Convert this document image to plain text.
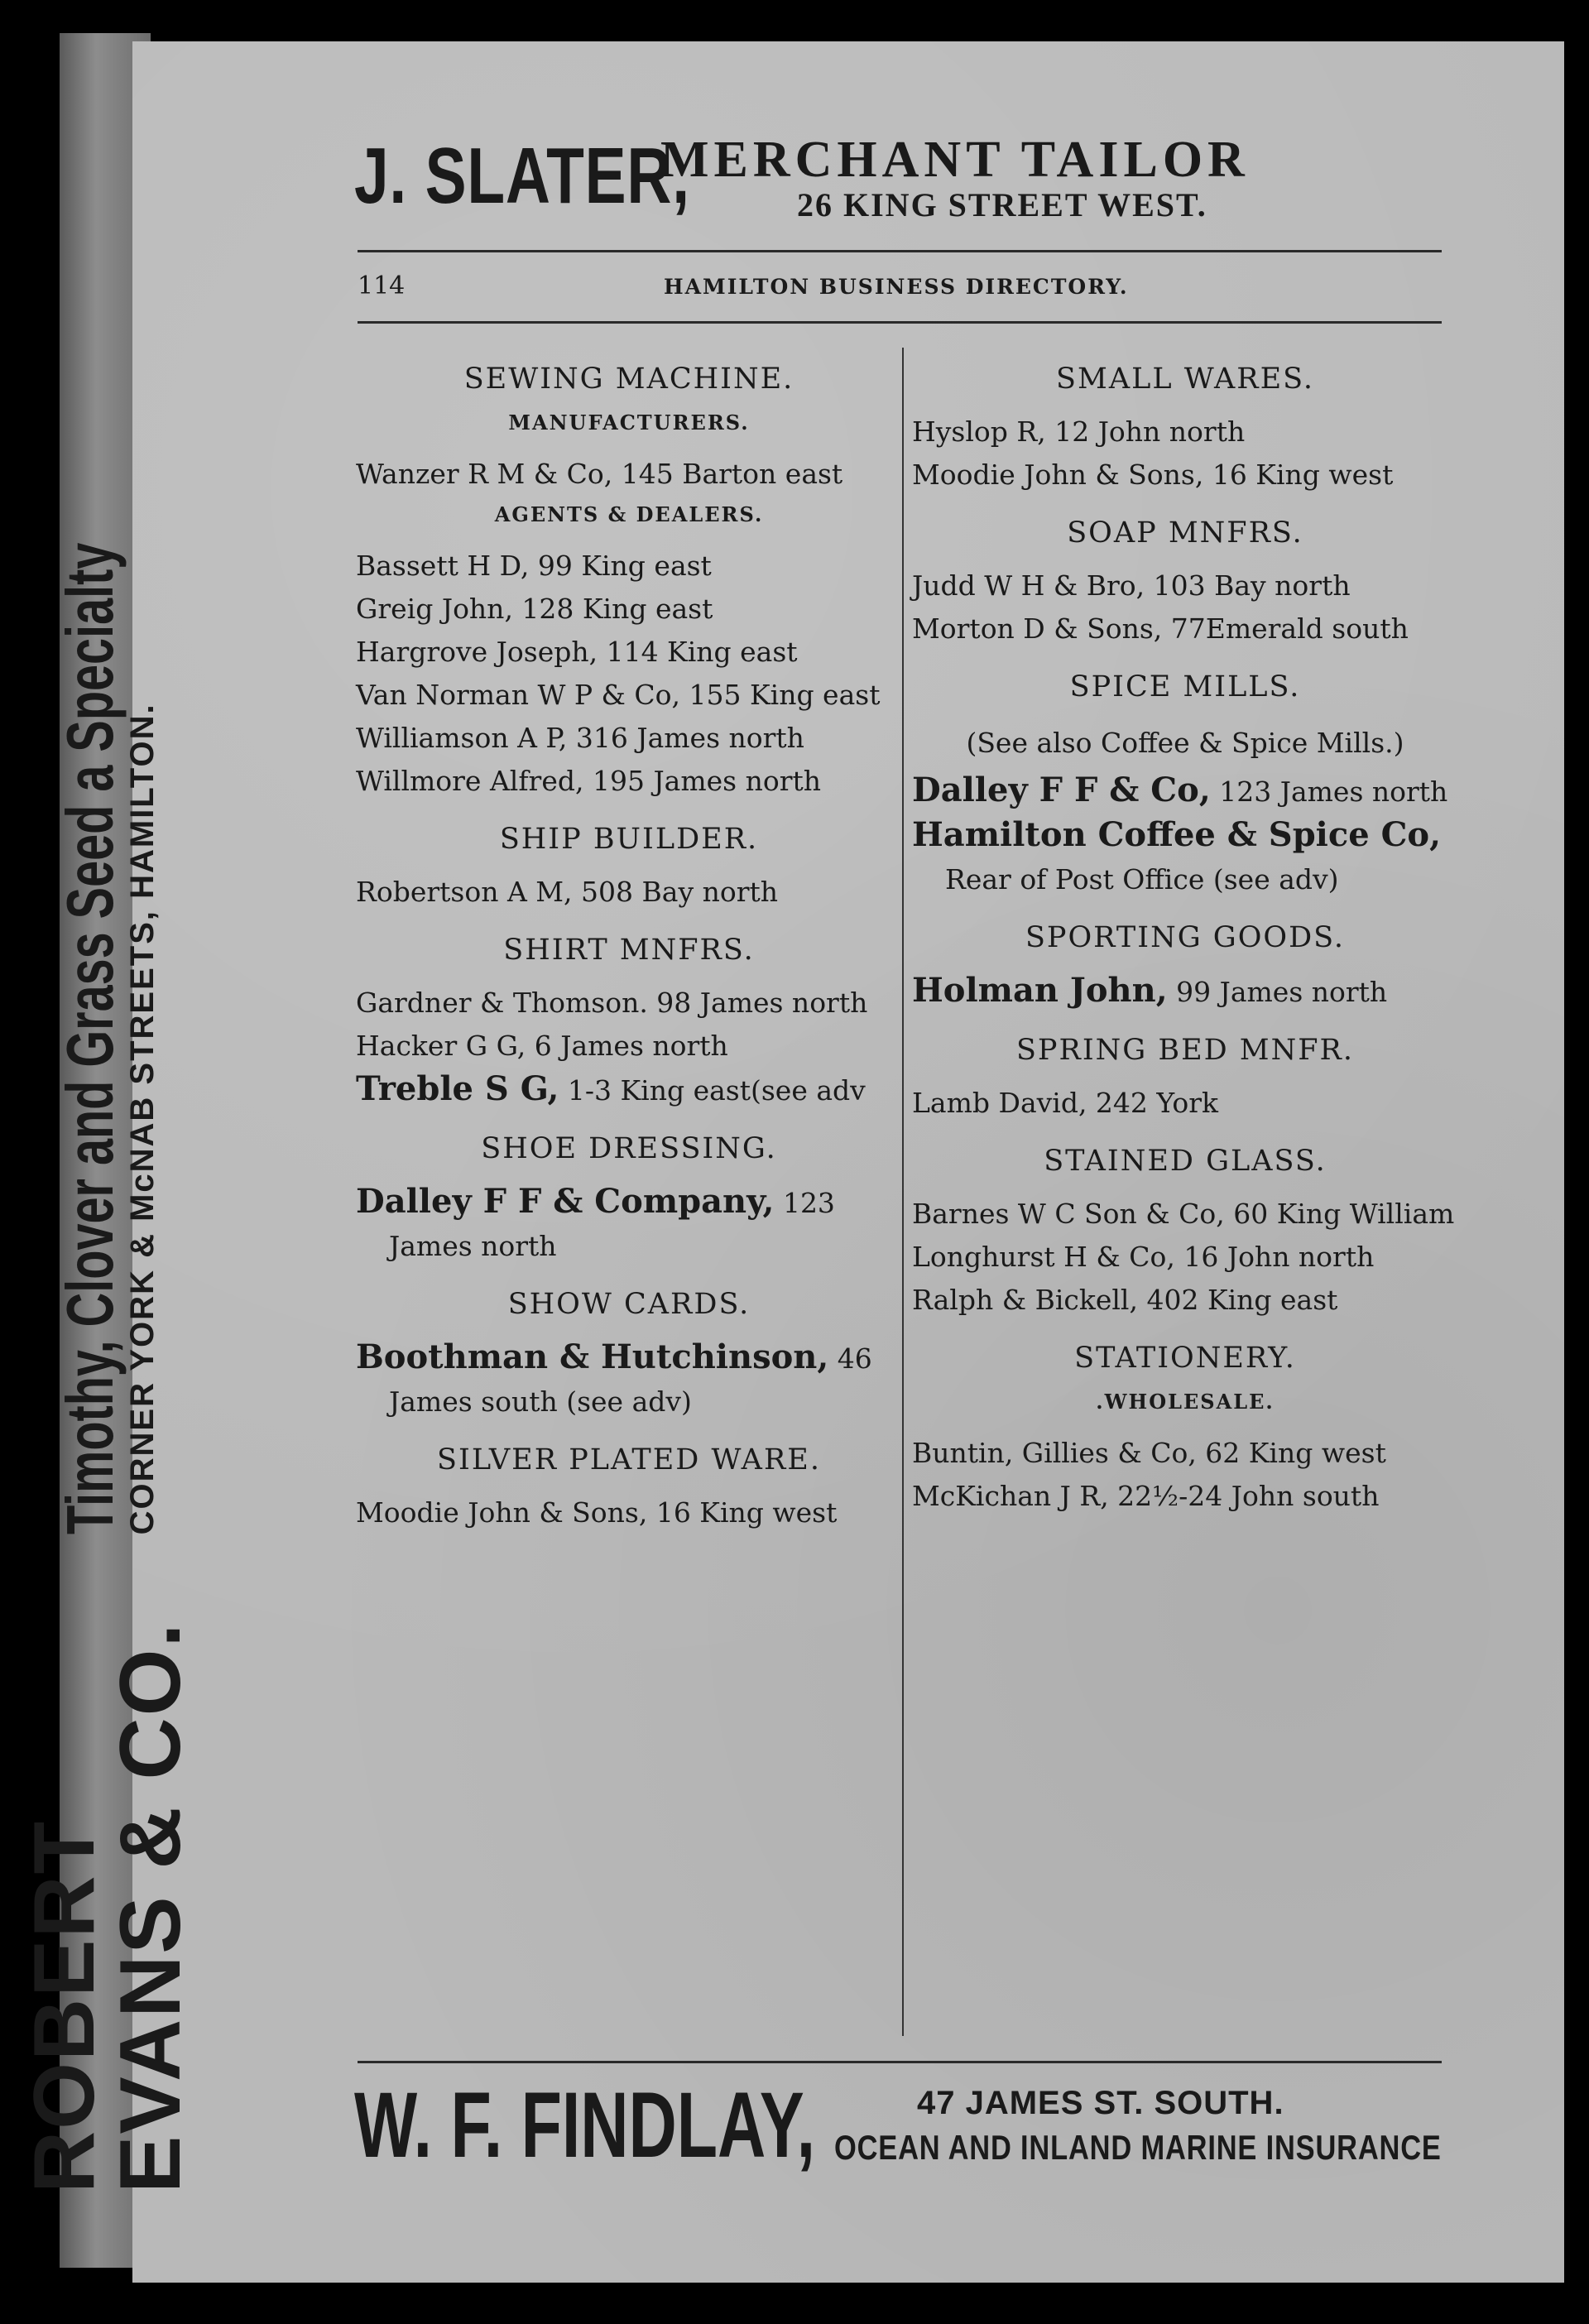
ROBERT EVANS & CO.
Timothy, Clover and Grass Seed a Specialty
CORNER YORK & McNAB STREETS, HAMILTON.
J. SLATER,
MERCHANT TAILOR
26 KING STREET WEST.
114	HAMILTON BUSINESS DIRECTORY.
SEWING MACHINE.
MANUFACTURERS.
Wanzer R M & Co, 145 Barton east
AGENTS & DEALERS.
Bassett H D, 99 King east
Greig John, 128 King east
Hargrove Joseph, 114 King east
Van Norman W P & Co, 155 King east
Williamson A P, 316 James north
Willmore Alfred, 195 James north
SHIP BUILDER.
Robertson A M, 508 Bay north
SHIRT MNFRS.
Gardner & Thomson. 98 James north
Hacker G G, 6 James north
Treble S G, 1-3 King east(see adv
SHOE DRESSING.
Dalley F F & Company, 123 James north
SHOW CARDS.
Boothman & Hutchinson, 46 James south (see adv)
SILVER PLATED WARE.
Moodie John & Sons, 16 King west
SMALL WARES.
Hyslop R, 12 John north
Moodie John & Sons, 16 King west
SOAP MNFRS.
Judd W H & Bro, 103 Bay north
Morton D & Sons, 77Emerald south
SPICE MILLS.
(See also Coffee & Spice Mills.)
Dalley F F & Co, 123 James north
Hamilton Coffee & Spice Co, Rear of Post Office (see adv)
SPORTING GOODS.
Holman John, 99 James north
SPRING BED MNFR.
Lamb David, 242 York
STAINED GLASS.
Barnes W C Son & Co, 60 King William
Longhurst H & Co, 16 John north
Ralph & Bickell, 402 King east
STATIONERY.
.WHOLESALE.
Buntin, Gillies & Co, 62 King west
McKichan J R, 22½-24 John south
W. F. FINDLAY,	47 JAMES ST. SOUTH.
OCEAN AND INLAND MARINE INSURANCE
